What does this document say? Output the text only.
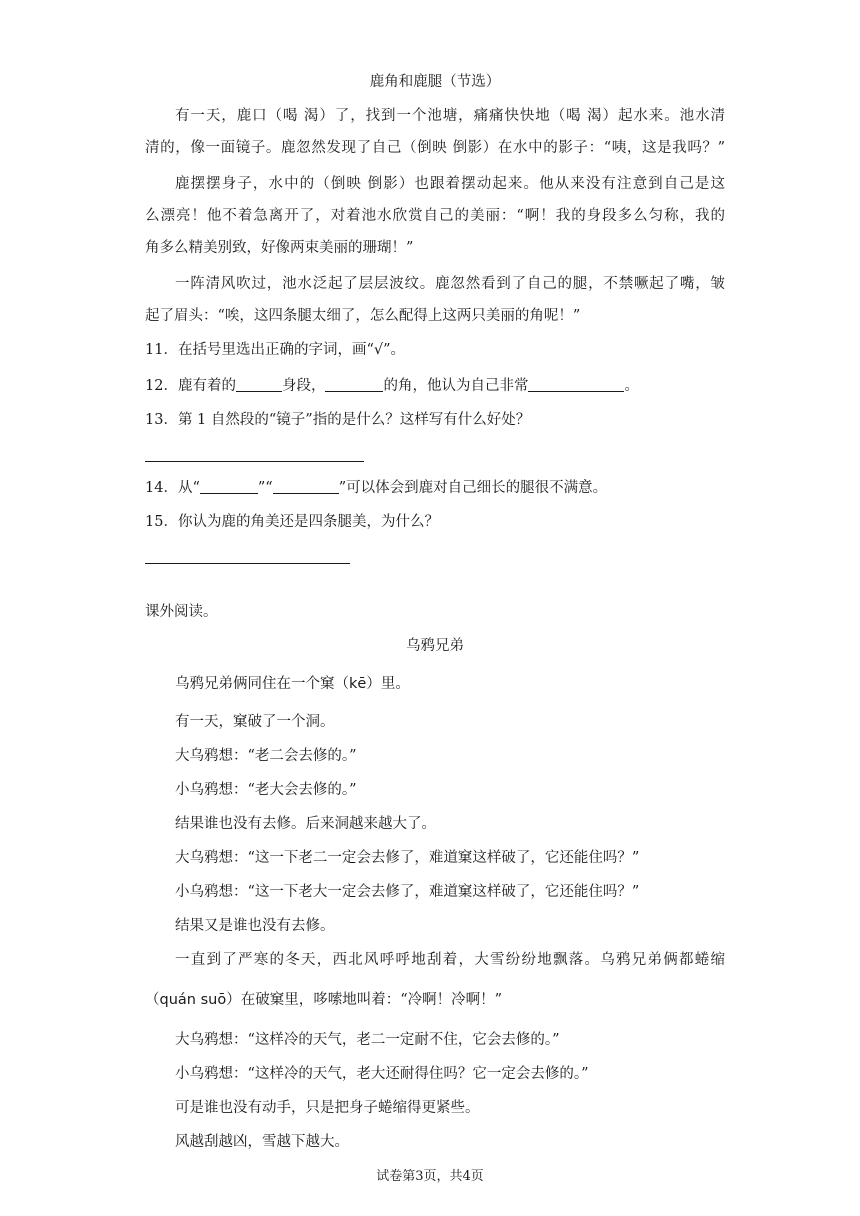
鹿角和鹿腿（节选）
有一天，鹿口（喝 渴）了，找到一个池塘，痛痛快快地（喝 渴）起水来。池水清
清的，像一面镜子。鹿忽然发现了自己（倒映 倒影）在水中的影子：“咦，这是我吗？”
鹿摆摆身子，水中的（倒映 倒影）也跟着摆动起来。他从来没有注意到自己是这
么漂亮！他不着急离开了，对着池水欣赏自己的美丽：“啊！我的身段多么匀称，我的
角多么精美别致，好像两束美丽的珊瑚！”
一阵清风吹过，池水泛起了层层波纹。鹿忽然看到了自己的腿，不禁噘起了嘴，皱
起了眉头：“唉，这四条腿太细了，怎么配得上这两只美丽的角呢！”
11．在括号里选出正确的字词，画“√”。
12．鹿有着的	身段，	的角，他认为自己非常	。
13．第 1 自然段的“镜子”指的是什么？这样写有什么好处？
14．从“	”“	”可以体会到鹿对自己细长的腿很不满意。
15．你认为鹿的角美还是四条腿美，为什么？
课外阅读。
乌鸦兄弟
乌鸦兄弟俩同住在一个窠（kē）里。
有一天，窠破了一个洞。
大乌鸦想：“老二会去修的。”
小乌鸦想：“老大会去修的。”
结果谁也没有去修。后来洞越来越大了。
大乌鸦想：“这一下老二一定会去修了，难道窠这样破了，它还能住吗？”
小乌鸦想：“这一下老大一定会去修了，难道窠这样破了，它还能住吗？”
结果又是谁也没有去修。
一直到了严寒的冬天，西北风呼呼地刮着，大雪纷纷地飘落。乌鸦兄弟俩都蜷缩
（quán suō）在破窠里，哆嗦地叫着：“冷啊！冷啊！”
大乌鸦想：“这样冷的天气，老二一定耐不住，它会去修的。”
小乌鸦想：“这样冷的天气，老大还耐得住吗？它一定会去修的。”
可是谁也没有动手，只是把身子蜷缩得更紧些。
风越刮越凶，雪越下越大。
试卷第3页，共4页
